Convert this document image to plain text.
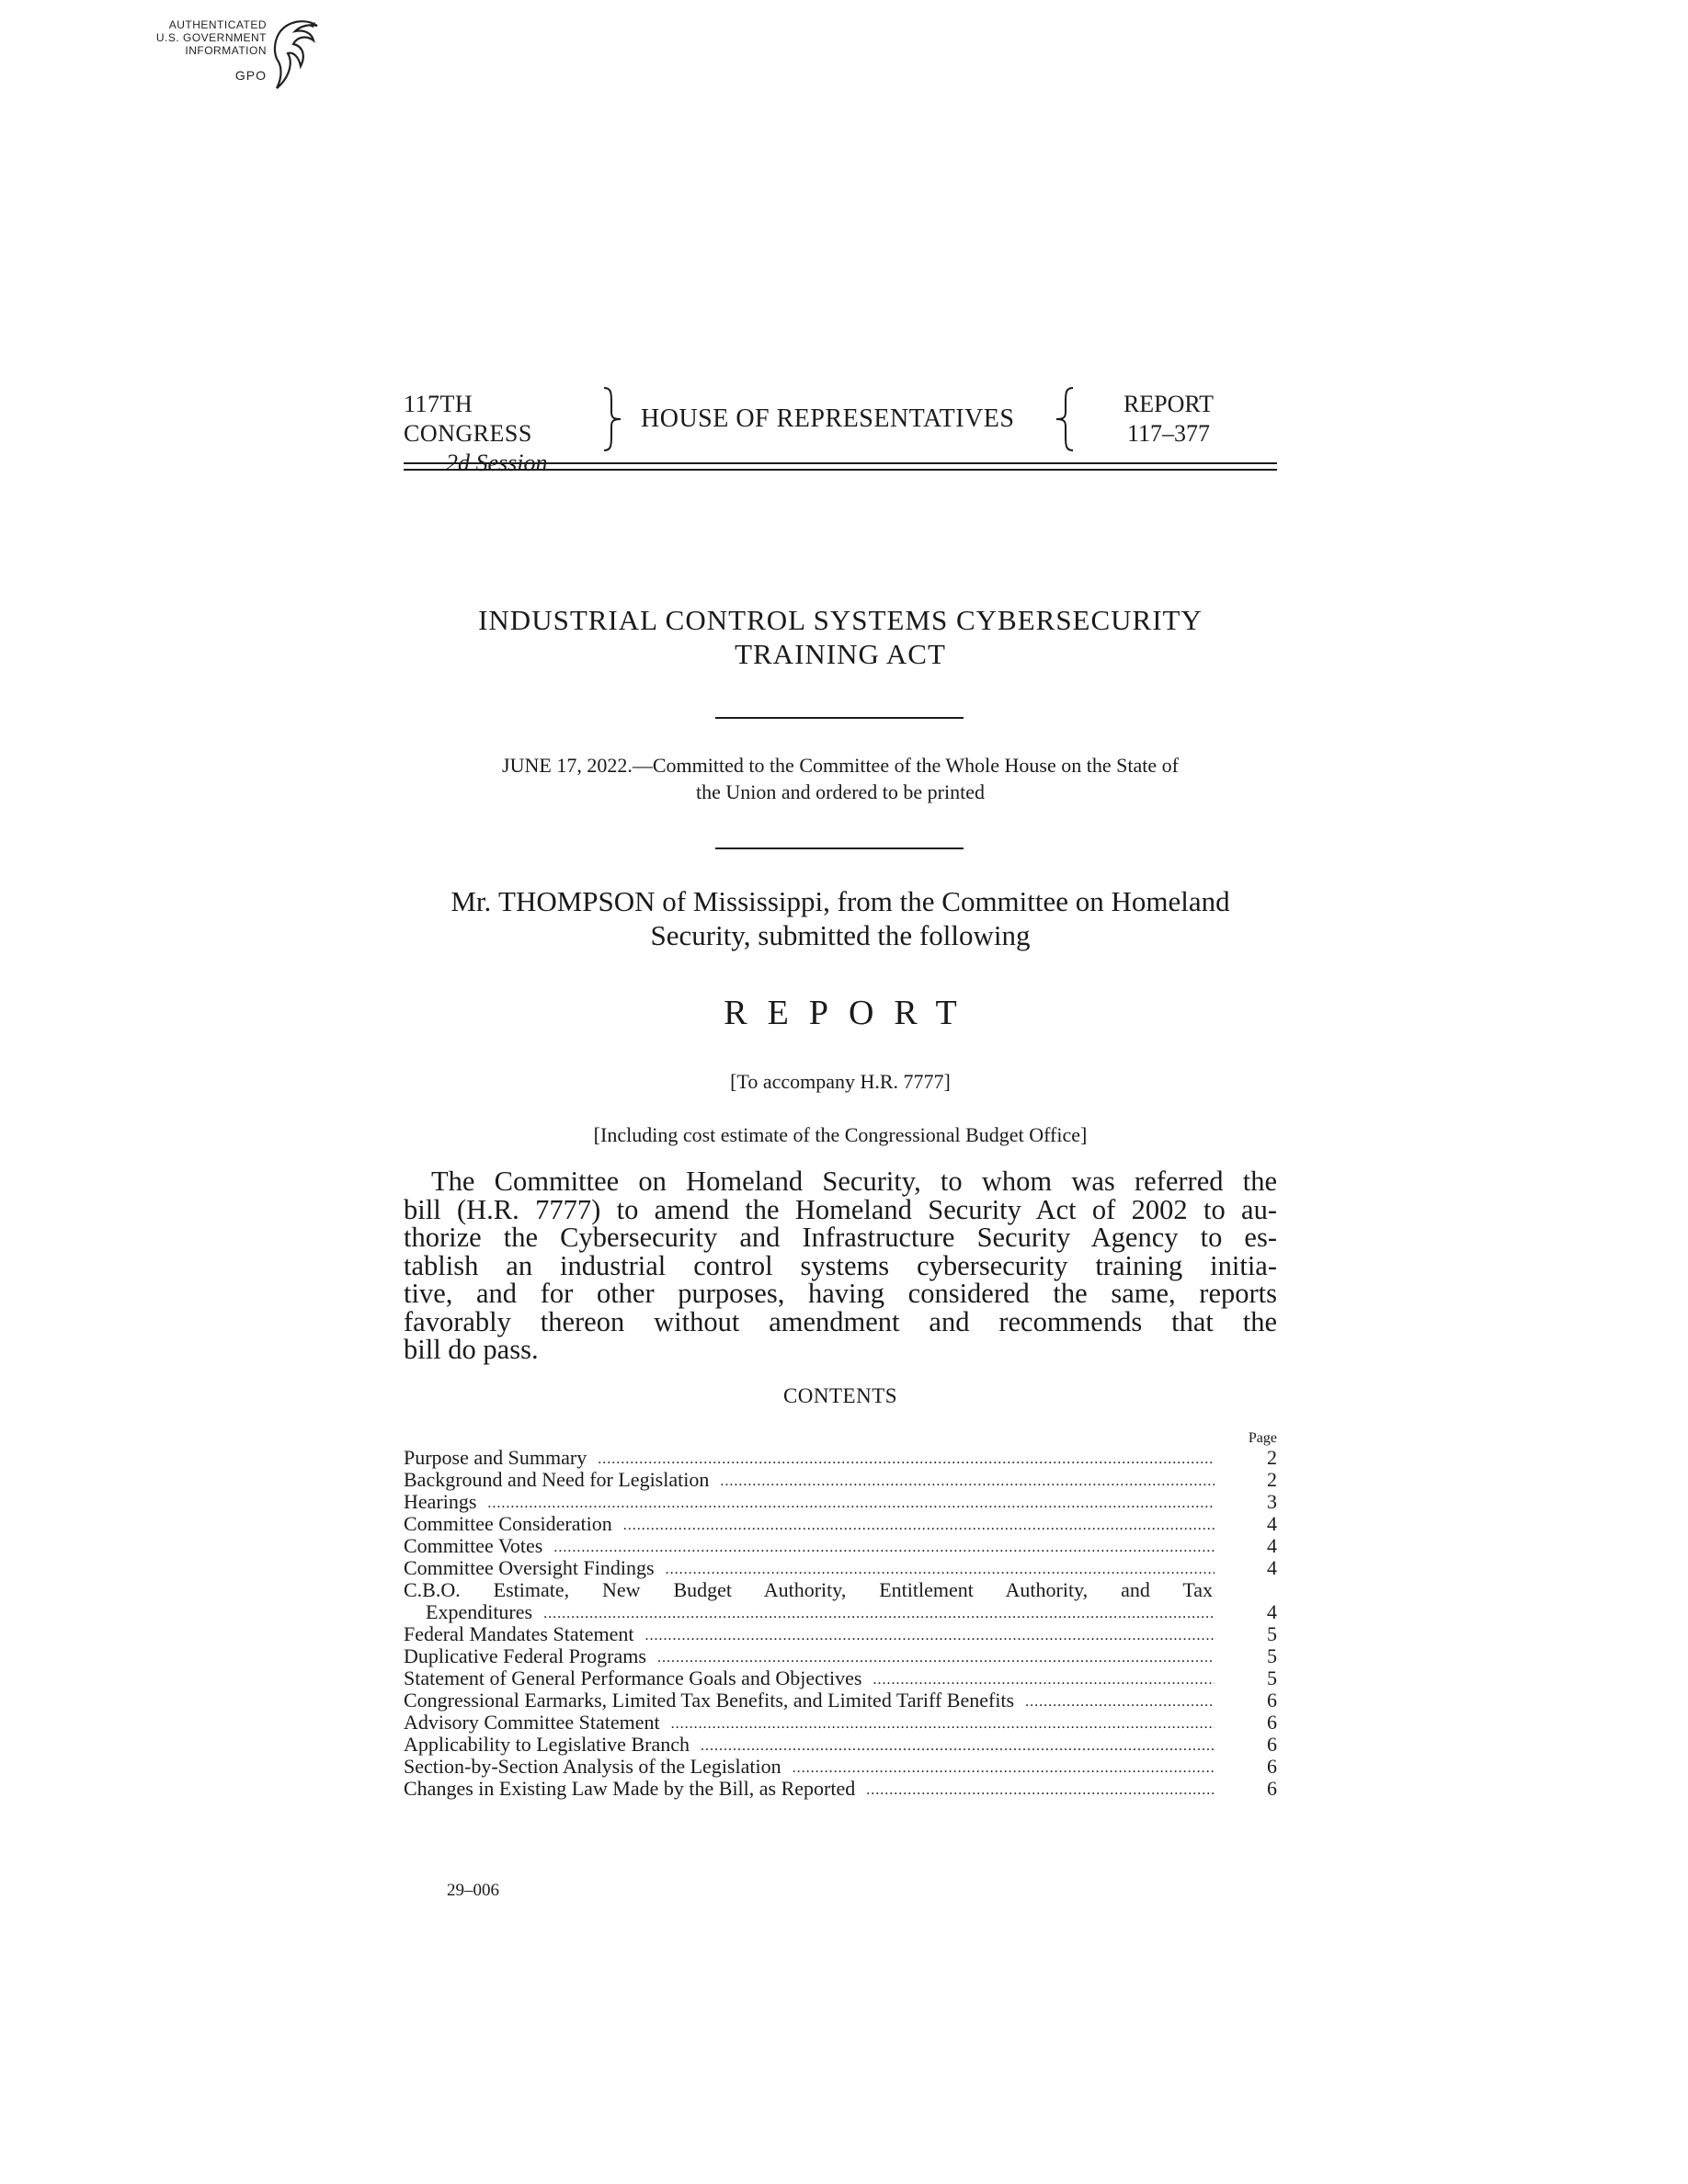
AUTHENTICATED
U.S. GOVERNMENT
INFORMATION
GPO
117TH CONGRESS
2d Session
HOUSE OF REPRESENTATIVES
REPORT
117–377
INDUSTRIAL CONTROL SYSTEMS CYBERSECURITY
TRAINING ACT
JUNE 17, 2022.—Committed to the Committee of the Whole House on the State of
the Union and ordered to be printed
Mr. THOMPSON of Mississippi, from the Committee on Homeland
Security, submitted the following
REPORT
[To accompany H.R. 7777]
[Including cost estimate of the Congressional Budget Office]
The Committee on Homeland Security, to whom was referred the
bill (H.R. 7777) to amend the Homeland Security Act of 2002 to au-
thorize the Cybersecurity and Infrastructure Security Agency to es-
tablish an industrial control systems cybersecurity training initia-
tive, and for other purposes, having considered the same, reports
favorably thereon without amendment and recommends that the
bill do pass.
CONTENTS
Page
Purpose and Summary .....	2
Background and Need for Legislation .....	2
Hearings .....	3
Committee Consideration .....	4
Committee Votes .....	4
Committee Oversight Findings .....	4
C.B.O. Estimate, New Budget Authority, Entitlement Authority, and Tax
Expenditures .....	4
Federal Mandates Statement .....	5
Duplicative Federal Programs .....	5
Statement of General Performance Goals and Objectives .....	5
Congressional Earmarks, Limited Tax Benefits, and Limited Tariff Benefits .....	6
Advisory Committee Statement .....	6
Applicability to Legislative Branch .....	6
Section-by-Section Analysis of the Legislation .....	6
Changes in Existing Law Made by the Bill, as Reported .....	6
29–006
